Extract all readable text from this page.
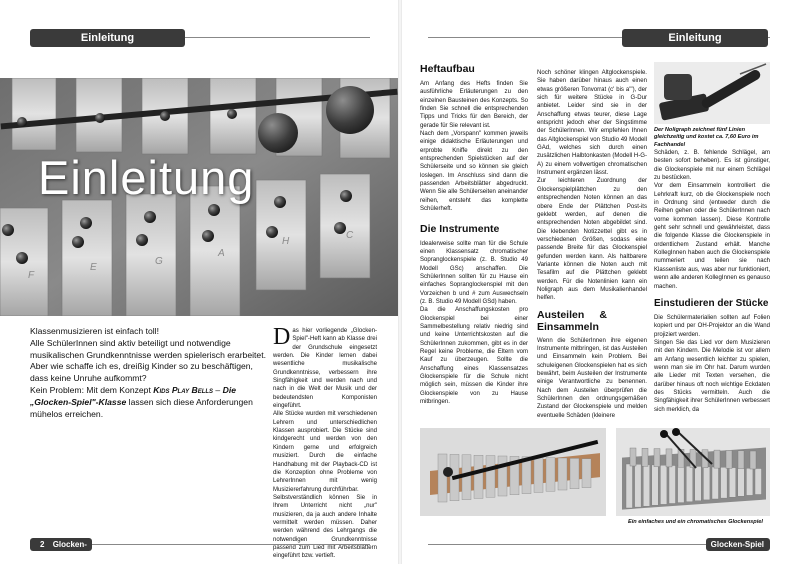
Einleitung
F
E
G
A
H
C
Einleitung
Klassenmusizieren ist einfach toll!
Alle SchülerInnen sind aktiv beteiligt und notwendige musikalischen Grundkenntnisse werden spielerisch erarbeitet. Aber wie schaffe ich es, dreißig Kinder so zu beschäftigen, dass keine Unruhe aufkommt?
Kein Problem: Mit dem Konzept Kids Play Bells – Die „Glocken-Spiel"-Klasse lassen sich diese Anforderungen mühelos erreichen.

Das hier vorliegende „Glocken-Spiel"-Heft kann ab Klasse drei der Grundschule eingesetzt werden. Die Kinder lernen dabei wesentliche musikalische Grundkenntnisse, verbessern ihre Singfähigkeit und werden nach und nach in die Welt der Musik und der bedeutendsten Komponisten eingeführt.

Alle Stücke wurden mit verschiedenen Lehrern und unterschiedlichen Klassen ausprobiert. Die Stücke sind kindgerecht und werden von den Kindern gerne und erfolgreich musiziert. Durch die einfache Handhabung mit der Playback-CD ist die Konzeption ohne Probleme von LehrerInnen mit wenig Musiziererfahrung durchführbar.

Selbstverständlich können Sie in Ihrem Unterricht nicht „nur" musizieren, da ja auch andere Inhalte vermittelt werden müssen. Daher werden während des Lehrgangs die notwendigen Grundkenntnisse passend zum Lied mit Arbeitsblättern eingeführt bzw. vertieft.

2 Glocken-Spiel
Einleitung
Heftaufbau

Am Anfang des Hefts finden Sie ausführliche Erläuterungen zu den einzelnen Bausteinen des Konzepts. So finden Sie schnell die entsprechenden Tipps und Tricks für den Bereich, der gerade für Sie relevant ist.

Nach dem „Vorspann" kommen jeweils einige didaktische Erläuterungen und erprobte Kniffe direkt zu den entsprechenden Spielstücken auf der Schülerseite und so können sie gleich loslegen. Im Anschluss sind dann die passenden Arbeitsblätter abgedruckt. Wenn Sie alle Schülerseiten aneinander reihen, entsteht das komplette Schülerheft.

Die Instrumente

Idealerweise sollte man für die Schule einen Klassensatz chromatischer Sopranglockenspiele (z. B. Studio 49 Modell GSc) anschaffen. Die SchülerInnen sollten für zu Hause ein einfaches Sopranglockenspiel mit den Vorzeichen b und # zum Auswechseln (z. B. Studio 49 Modell GSd) haben.

Da die Anschaffungskosten pro Glockenspiel bei einer Sammelbestellung relativ niedrig sind und keine Unterrichtskosten auf die SchülerInnen zukommen, gibt es in der Regel keine Probleme, die Eltern vom Kauf zu überzeugen. Sollte die Anschaffung eines Klassensatzes Glockenspiele für die Schule nicht möglich sein, müssen die Kinder ihre Glockenspiele von zu Hause mitbringen.

Noch schöner klingen Altglockenspiele. Sie haben darüber hinaus auch einen etwas größeren Tonvorrat (c' bis a'''), der sich für weitere Stücke in G-Dur anbietet. Leider sind sie in der Anschaffung etwas teurer, diese Lage entspricht jedoch eher der Singstimme der SchülerInnen. Wir empfehlen Ihnen das Altglockenspiel von Studio 49 Modell GAd, welches sich durch einen zusätzlichen Halbtonkasten (Modell H-G-A) zu einem vollwertigen chromatischen Instrument ergänzen lässt.

Zur leichteren Zuordnung der Glockenspielplättchen zu den entsprechenden Noten können an das obere Ende der Plättchen Post-its geklebt werden, auf denen die entsprechenden Noten abgebildet sind. Die klebenden Notizzettel gibt es in verschiedenen Größen, sodass eine passende Breite für das Glockenspiel gefunden werden kann. Als haltbarere Variante können die Noten auch mit Tesafilm auf die Plättchen geklebt werden. Für die Notenlinien kann ein Noligraph aus dem Musikalienhandel helfen.

Austeilen & Einsammeln

Wenn die SchülerInnen ihre eigenen Instrumente mitbringen, ist das Austeilen und Einsammeln kein Problem. Bei schuleigenen Glockenspielen hat es sich bewährt, beim Austeilen der Instrumente einige Verantwortliche zu benennen. Nach dem Austeilen überprüfen die SchülerInnen den ordnungsgemäßen Zustand der Glockenspiele und melden eventuelle Schäden (kleinere

Der Noligraph zeichnet fünf Linien gleichzeitig und kostet ca. 7,60 Euro im Fachhandel

Schäden, z. B. fehlende Schlägel, am besten sofort beheben). Es ist günstiger, die Glockenspiele mit nur einem Schlägel zu bestücken.

Vor dem Einsammeln kontrolliert die Lehrkraft kurz, ob die Glockenspiele noch in Ordnung sind (entweder durch die Reihen gehen oder die SchülerInnen nach vorne kommen lassen). Diese Kontrolle geht sehr schnell und gewährleistet, dass die folgende Klasse die Glockenspiele in ordentlichem Zustand erhält. Manche KollegInnen haben auch die Glockenspiele nummeriert und teilen sie nach Klassenliste aus, was aber nur funktioniert, wenn alle anderen KollegInnen es genauso machen.

Einstudieren der Stücke

Die Schülermaterialien sollten auf Folien kopiert und per OH-Projektor an die Wand projiziert werden.

Singen Sie das Lied vor dem Musizieren mit den Kindern. Die Melodie ist vor allem am Anfang wesentlich leichter zu spielen, wenn man sie im Ohr hat. Darum wurden alle Lieder mit Texten versehen, die darüber hinaus oft noch wichtige Eckdaten des Stücks vermitteln. Auch die Singfähigkeit ihrer SchülerInnen verbessert sich merklich, da

Ein einfaches und ein chromatisches Glockenspiel
Glocken-Spiel 3
